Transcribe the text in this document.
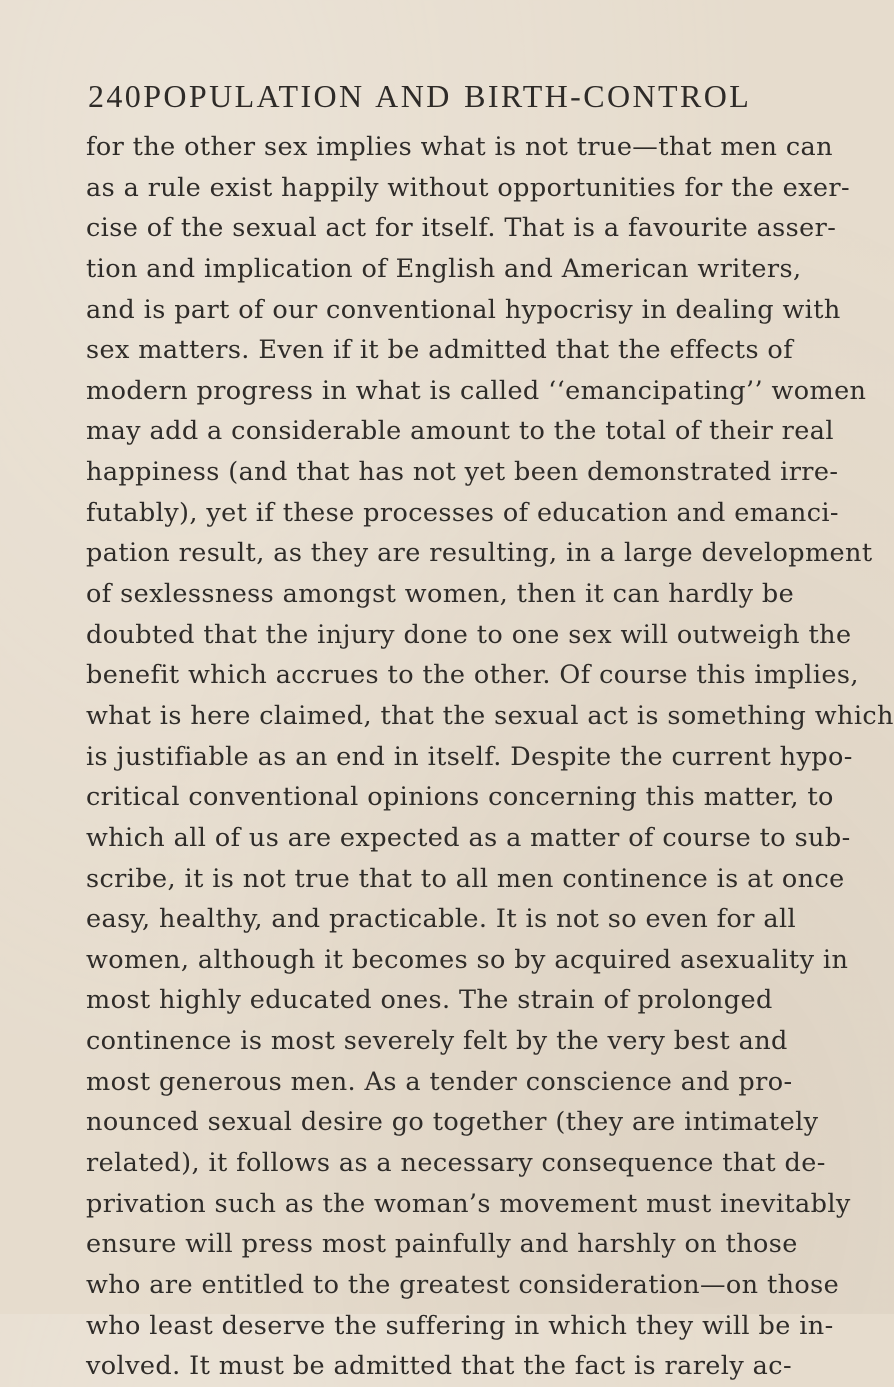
240 POPULATION AND BIRTH-CONTROL
for the other sex implies what is not true—that men can
as a rule exist happily without opportunities for the exer-
cise of the sexual act for itself. That is a favourite asser-
tion and implication of English and American writers,
and is part of our conventional hypocrisy in dealing with
sex matters. Even if it be admitted that the effects of
modern progress in what is called ‘‘emancipating’’ women
may add a considerable amount to the total of their real
happiness (and that has not yet been demonstrated irre-
futably), yet if these processes of education and emanci-
pation result, as they are resulting, in a large development
of sexlessness amongst women, then it can hardly be
doubted that the injury done to one sex will outweigh the
benefit which accrues to the other. Of course this implies,
what is here claimed, that the sexual act is something which
is justifiable as an end in itself. Despite the current hypo-
critical conventional opinions concerning this matter, to
which all of us are expected as a matter of course to sub-
scribe, it is not true that to all men continence is at once
easy, healthy, and practicable. It is not so even for all
women, although it becomes so by acquired asexuality in
most highly educated ones. The strain of prolonged
continence is most severely felt by the very best and
most generous men. As a tender conscience and pro-
nounced sexual desire go together (they are intimately
related), it follows as a necessary consequence that de-
privation such as the woman’s movement must inevitably
ensure will press most painfully and harshly on those
who are entitled to the greatest consideration—on those
who least deserve the suffering in which they will be in-
volved. It must be admitted that the fact is rarely ac-
